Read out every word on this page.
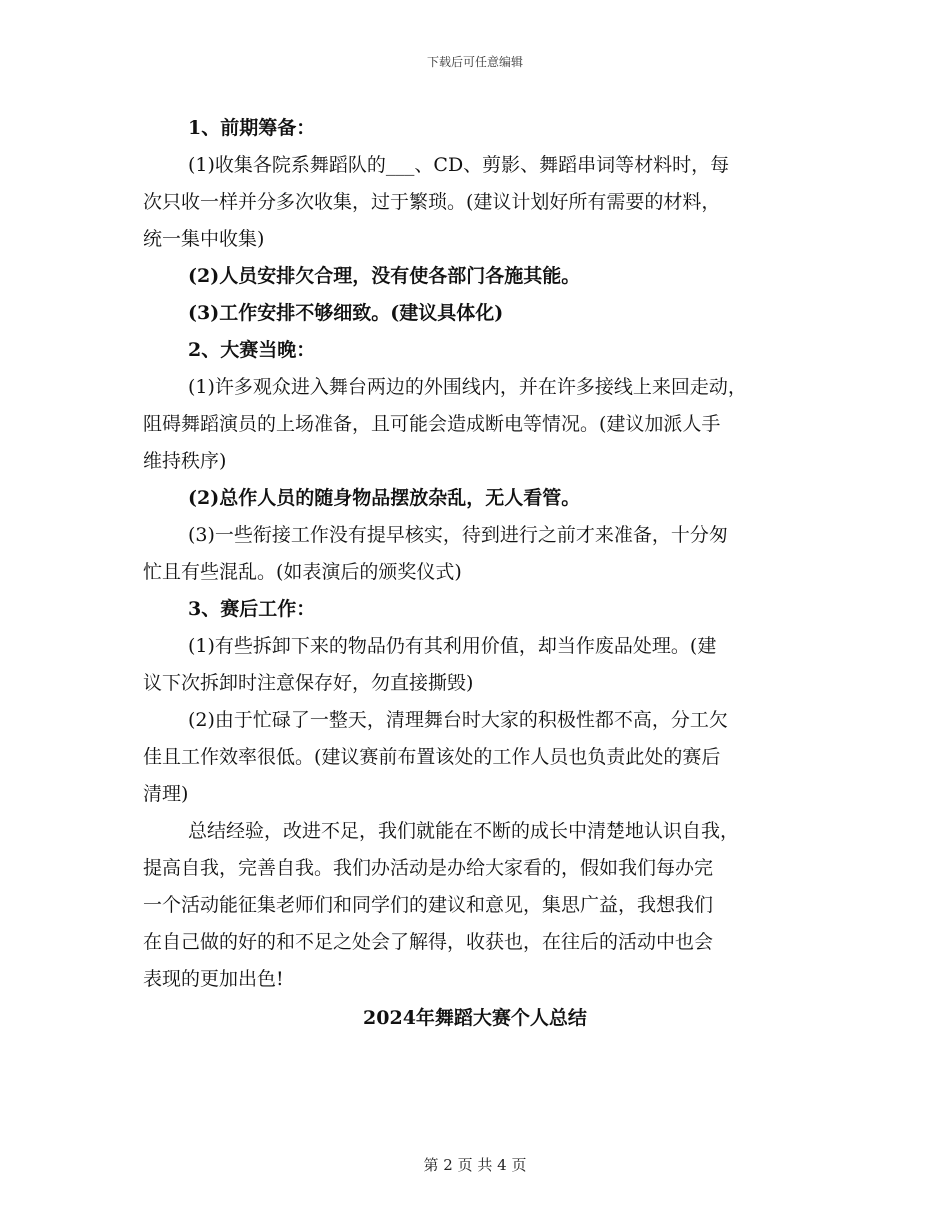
下载后可任意编辑
1、前期筹备：
(1)收集各院系舞蹈队的___、CD、剪影、舞蹈串词等材料时，每
次只收一样并分多次收集，过于繁琐。(建议计划好所有需要的材料，
统一集中收集)
(2)人员安排欠合理，没有使各部门各施其能。
(3)工作安排不够细致。(建议具体化)
2、大赛当晚：
(1)许多观众进入舞台两边的外围线内，并在许多接线上来回走动，
阻碍舞蹈演员的上场准备，且可能会造成断电等情况。(建议加派人手
维持秩序)
(2)总作人员的随身物品摆放杂乱，无人看管。
(3)一些衔接工作没有提早核实，待到进行之前才来准备，十分匆
忙且有些混乱。(如表演后的颁奖仪式)
3、赛后工作：
(1)有些拆卸下来的物品仍有其利用价值，却当作废品处理。(建
议下次拆卸时注意保存好，勿直接撕毁)
(2)由于忙碌了一整天，清理舞台时大家的积极性都不高，分工欠
佳且工作效率很低。(建议赛前布置该处的工作人员也负责此处的赛后
清理)
总结经验，改进不足，我们就能在不断的成长中清楚地认识自我，
提高自我，完善自我。我们办活动是办给大家看的，假如我们每办完
一个活动能征集老师们和同学们的建议和意见，集思广益，我想我们
在自己做的好的和不足之处会了解得，收获也，在往后的活动中也会
表现的更加出色!
2024年舞蹈大赛个人总结
第 2 页 共 4 页
